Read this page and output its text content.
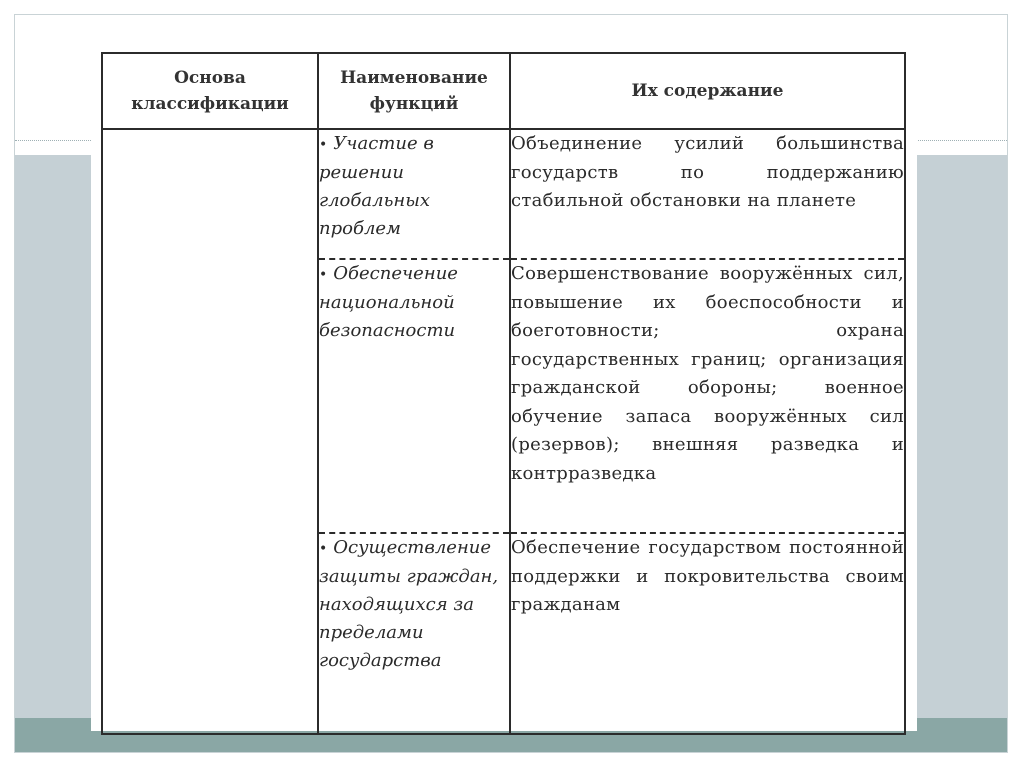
Основа классификации	Наименование функций	Их содержание
	• Участие в решении глобальных проблем	Объединение усилий большинства государств по поддержанию стабильной обстановки на планете
	• Обеспечение национальной безопасности	Совершенствование вооружённых сил, повышение их боеспособности и боеготовности; охрана государственных границ; организация гражданской обороны; военное обучение запаса вооружённых сил (резервов); внешняя разведка и контрразведка
	• Осуществление защиты граждан, находящихся за пределами государства	Обеспечение государством постоянной поддержки и покровительства своим гражданам
